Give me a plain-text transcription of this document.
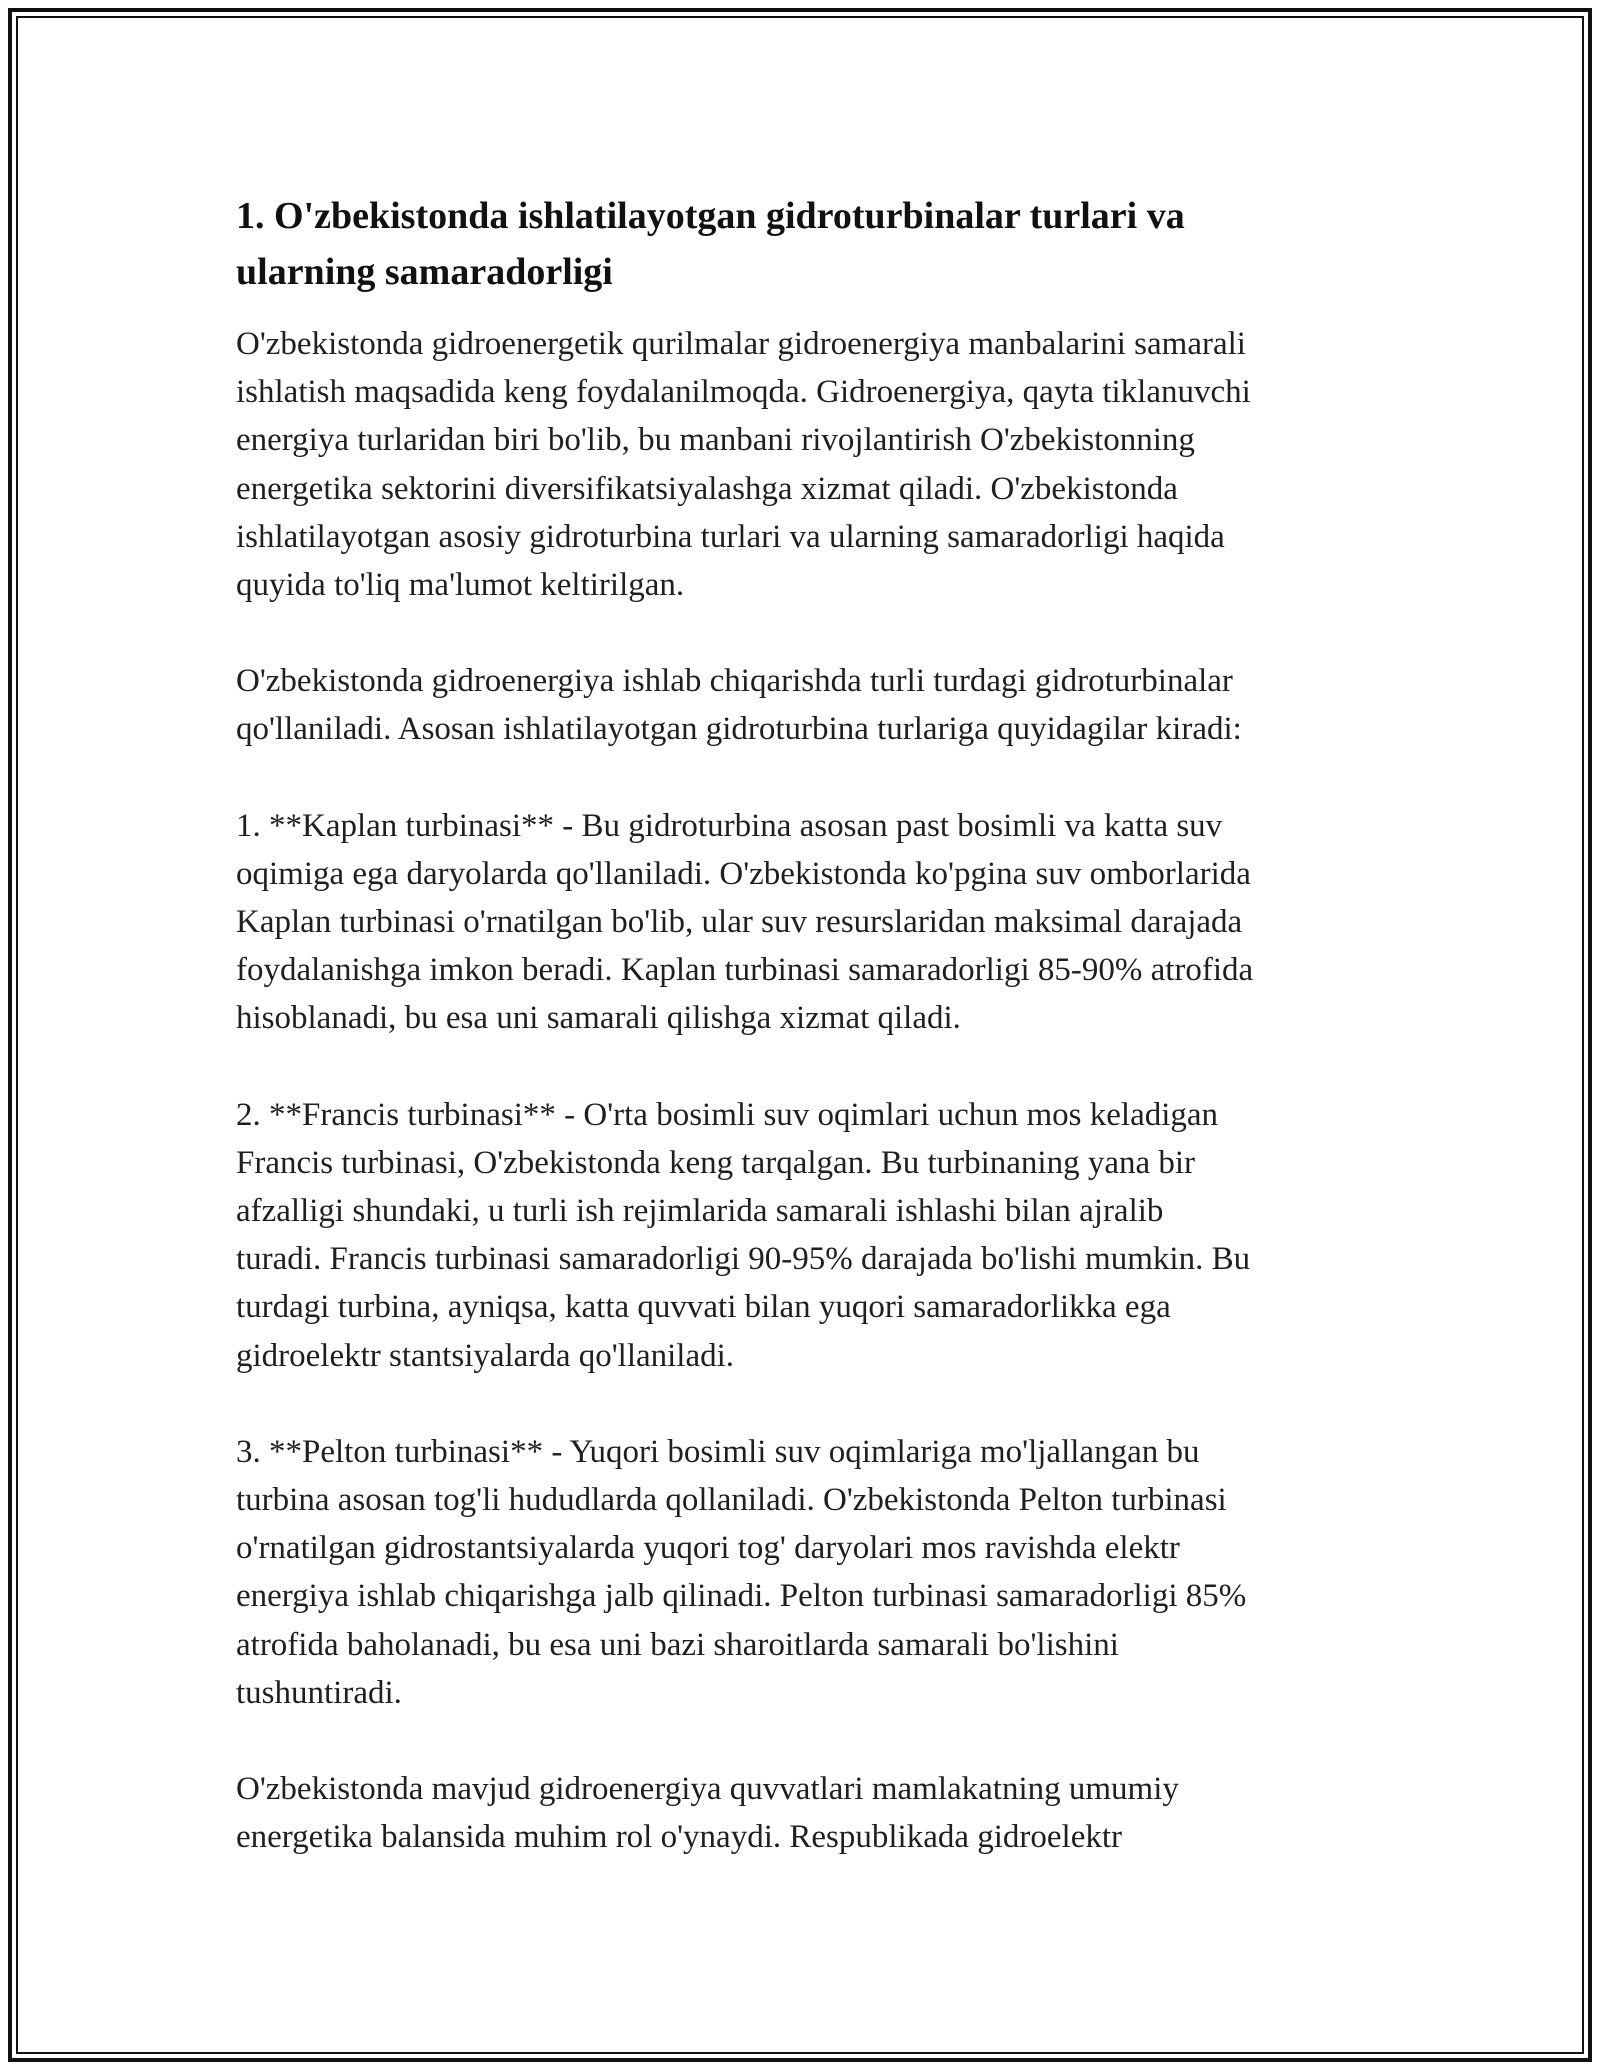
1. O'zbekistonda ishlatilayotgan gidroturbinalar turlari va
ularning samaradorligi

O'zbekistonda gidroenergetik qurilmalar gidroenergiya manbalarini samarali
ishlatish maqsadida keng foydalanilmoqda. Gidroenergiya, qayta tiklanuvchi
energiya turlaridan biri bo'lib, bu manbani rivojlantirish O'zbekistonning
energetika sektorini diversifikatsiyalashga xizmat qiladi. O'zbekistonda
ishlatilayotgan asosiy gidroturbina turlari va ularning samaradorligi haqida
quyida to'liq ma'lumot keltirilgan.

O'zbekistonda gidroenergiya ishlab chiqarishda turli turdagi gidroturbinalar
qo'llaniladi. Asosan ishlatilayotgan gidroturbina turlariga quyidagilar kiradi:

1. **Kaplan turbinasi** - Bu gidroturbina asosan past bosimli va katta suv
oqimiga ega daryolarda qo'llaniladi. O'zbekistonda ko'pgina suv omborlarida
Kaplan turbinasi o'rnatilgan bo'lib, ular suv resurslaridan maksimal darajada
foydalanishga imkon beradi. Kaplan turbinasi samaradorligi 85-90% atrofida
hisoblanadi, bu esa uni samarali qilishga xizmat qiladi.

2. **Francis turbinasi** - O'rta bosimli suv oqimlari uchun mos keladigan
Francis turbinasi, O'zbekistonda keng tarqalgan. Bu turbinaning yana bir
afzalligi shundaki, u turli ish rejimlarida samarali ishlashi bilan ajralib
turadi. Francis turbinasi samaradorligi 90-95% darajada bo'lishi mumkin. Bu
turdagi turbina, ayniqsa, katta quvvati bilan yuqori samaradorlikka ega
gidroelektr stantsiyalarda qo'llaniladi.

3. **Pelton turbinasi** - Yuqori bosimli suv oqimlariga mo'ljallangan bu
turbina asosan tog'li hududlarda qollaniladi. O'zbekistonda Pelton turbinasi
o'rnatilgan gidrostantsiyalarda yuqori tog' daryolari mos ravishda elektr
energiya ishlab chiqarishga jalb qilinadi. Pelton turbinasi samaradorligi 85%
atrofida baholanadi, bu esa uni bazi sharoitlarda samarali bo'lishini
tushuntiradi.

O'zbekistonda mavjud gidroenergiya quvvatlari mamlakatning umumiy
energetika balansida muhim rol o'ynaydi. Respublikada gidroelektr
